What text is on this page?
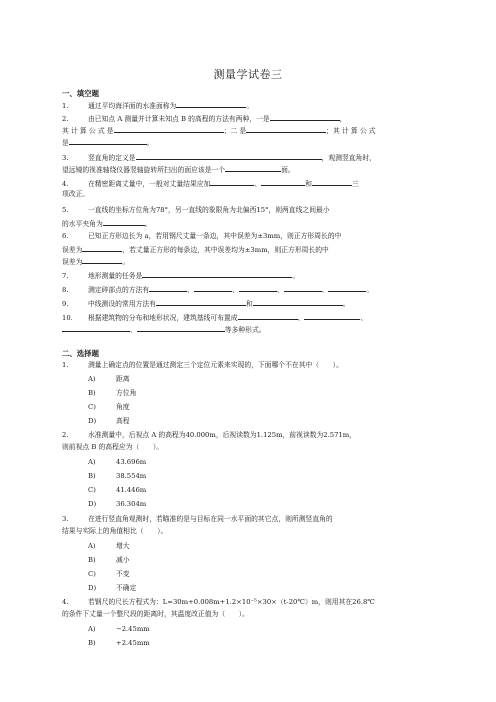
测量学试卷三
一、填空题
1.	通过平均海洋面的水准面称为	。
2.	由已知点 A 测量并计算未知点 B 的高程的方法有两种，一是	，
其 计 算 公 式 是	；二 是	；其 计 算 公 式
是	。
3.	竖直角的定义是	，观测竖直角时，
望远镜的视准轴绕仪器竖轴旋转所扫出的面应该是一个	面。
4.	在精密距离丈量中，一般对丈量结果应加	、	和	三
项改正。
5.	一直线的坐标方位角为78°，另一直线的象限角为北偏西15°，则两直线之间最小
的水平夹角为	。
6.	已知正方形边长为 a，若用钢尺丈量一条边，其中误差为±3mm，则正方形周长的中
误差为	，若丈量正方形的每条边，其中误差均为±3mm，则正方形周长的中
误差为	。
7.	地形测量的任务是	。
8.	测定碎部点的方法有	、	、	、	、	。
9.	中线测设的常用方法有	和	。
10. 根据建筑物的分布和地形状况，建筑基线可布置成	、	、
、	等多种形式。
二、选择题
1.	测量上确定点的位置是通过测定三个定位元素来实现的，下面哪个不在其中（　　）。
A)	距离
B)	方位角
C)	角度
D)	高程
2.	水准测量中，后视点 A 的高程为40.000m，后视读数为1.125m，前视读数为2.571m，
则前视点 B 的高程应为（　　）。
A)	43.696m
B)	38.554m
C)	41.446m
D)	36.304m
3.	在进行竖直角观测时，若瞄准的是与目标在同一水平面的其它点，则所测竖直角的
结果与实际上的角值相比（　　）。
A)	增大
B)	减小
C)	不变
D)	不确定
4.	若钢尺的尺长方程式为：L=30m+0.008m+1.2×10⁻⁵×30×（t-20℃）m，则用其在26.8℃
的条件下丈量一个整尺段的距离时，其温度改正值为（　　）。
A)	−2.45mm
B)	+2.45mm
